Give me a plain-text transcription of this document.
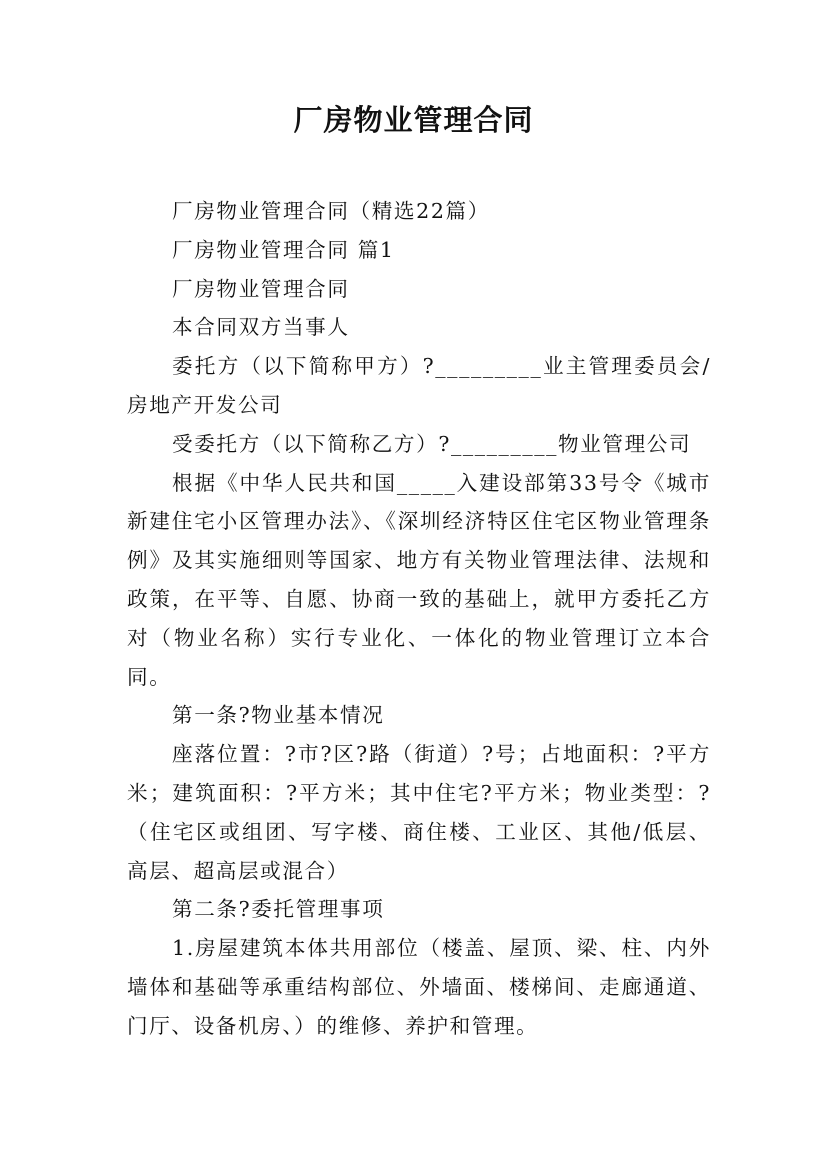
厂房物业管理合同

厂房物业管理合同（精选22篇）

厂房物业管理合同 篇1

厂房物业管理合同

本合同双方当事人

委托方（以下简称甲方）?_________业主管理委员会/房地产开发公司

受委托方（以下简称乙方）?_________物业管理公司

根据《中华人民共和国_____入建设部第33号令《城市新建住宅小区管理办法》、《深圳经济特区住宅区物业管理条例》及其实施细则等国家、地方有关物业管理法律、法规和政策，在平等、自愿、协商一致的基础上，就甲方委托乙方对（物业名称）实行专业化、一体化的物业管理订立本合同。

第一条?物业基本情况

座落位置：?市?区?路（街道）?号；占地面积：?平方米；建筑面积：?平方米；其中住宅?平方米；物业类型：?（住宅区或组团、写字楼、商住楼、工业区、其他/低层、高层、超高层或混合）

第二条?委托管理事项

1.房屋建筑本体共用部位（楼盖、屋顶、梁、柱、内外墙体和基础等承重结构部位、外墙面、楼梯间、走廊通道、门厅、设备机房、）的维修、养护和管理。
